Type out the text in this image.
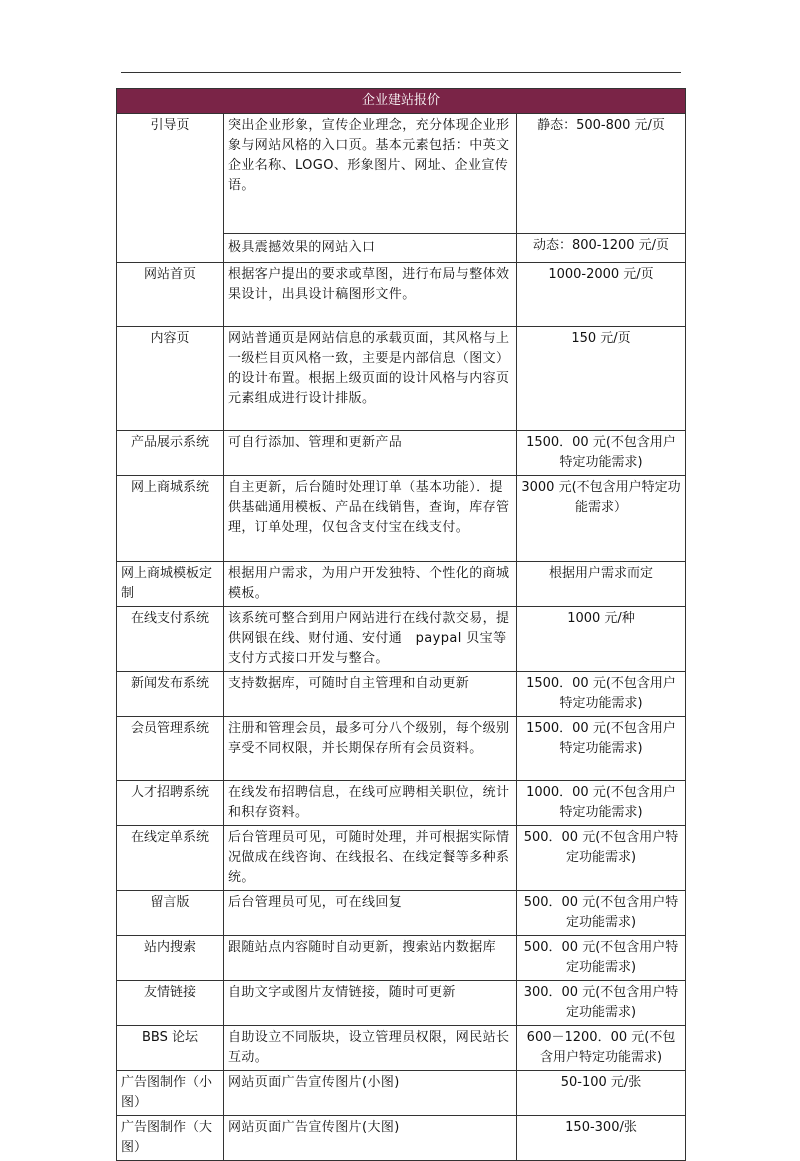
企业建站报价		
引导页	突出企业形象，宣传企业理念，充分体现企业形象与网站风格的入口页。基本元素包括：中英文企业名称、LOGO、形象图片、网址、企业宣传语。	静态：500-800 元/页
	极具震撼效果的网站入口	动态：800-1200 元/页
网站首页	根据客户提出的要求或草图，进行布局与整体效果设计，出具设计稿图形文件。	1000-2000 元/页
内容页	网站普通页是网站信息的承载页面，其风格与上一级栏目页风格一致，主要是内部信息（图文）的设计布置。根据上级页面的设计风格与内容页元素组成进行设计排版。	150 元/页
产品展示系统	可自行添加、管理和更新产品	1500．00 元(不包含用户特定功能需求)
网上商城系统	自主更新，后台随时处理订单（基本功能）．提供基础通用模板、产品在线销售，查询，库存管理，订单处理，仅包含支付宝在线支付。	3000 元(不包含用户特定功能需求）
网上商城模板定制	根据用户需求，为用户开发独特、个性化的商城模板。	根据用户需求而定
在线支付系统	该系统可整合到用户网站进行在线付款交易，提供网银在线、财付通、安付通　paypal 贝宝等支付方式接口开发与整合。	1000 元/种
新闻发布系统	支持数据库，可随时自主管理和自动更新	1500．00 元(不包含用户特定功能需求)
会员管理系统	注册和管理会员，最多可分八个级别，每个级别享受不同权限，并长期保存所有会员资料。	1500．00 元(不包含用户特定功能需求)
人才招聘系统	在线发布招聘信息，在线可应聘相关职位，统计和积存资料。	1000．00 元(不包含用户特定功能需求)
在线定单系统	后台管理员可见，可随时处理，并可根据实际情况做成在线咨询、在线报名、在线定餐等多种系统。	500．00 元(不包含用户特定功能需求)
留言版	后台管理员可见，可在线回复	500．00 元(不包含用户特定功能需求)
站内搜索	跟随站点内容随时自动更新，搜索站内数据库	500．00 元(不包含用户特定功能需求)
友情链接	自助文字或图片友情链接，随时可更新	300．00 元(不包含用户特定功能需求)
BBS 论坛	自助设立不同版块，设立管理员权限，网民站长互动。	600－1200．00 元(不包含用户特定功能需求)
广告图制作（小图）	网站页面广告宣传图片(小图)	50-100 元/张
广告图制作（大图）	网站页面广告宣传图片(大图)	150-300/张
